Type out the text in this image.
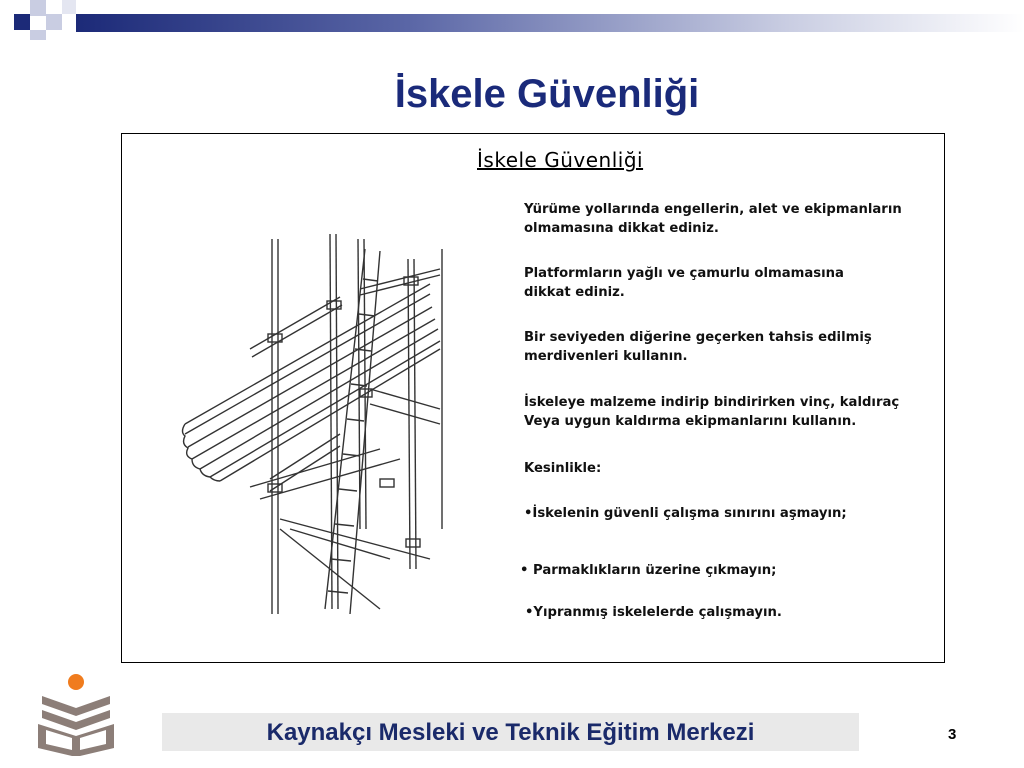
İskele Güvenliği
İskele Güvenliği
Yürüme yollarında engellerin, alet ve ekipmanların
olmamasına dikkat ediniz.
Platformların yağlı ve çamurlu olmamasına
dikkat ediniz.
Bir seviyeden diğerine geçerken tahsis edilmiş
merdivenleri kullanın.
İskeleye malzeme indirip bindirirken vinç, kaldıraç
Veya uygun kaldırma ekipmanlarını kullanın.
Kesinlikle:
•İskelenin güvenli çalışma sınırını aşmayın;
• Parmaklıkların üzerine çıkmayın;
•Yıpranmış iskelelerde çalışmayın.
Kaynakçı Mesleki ve Teknik Eğitim Merkezi	3
